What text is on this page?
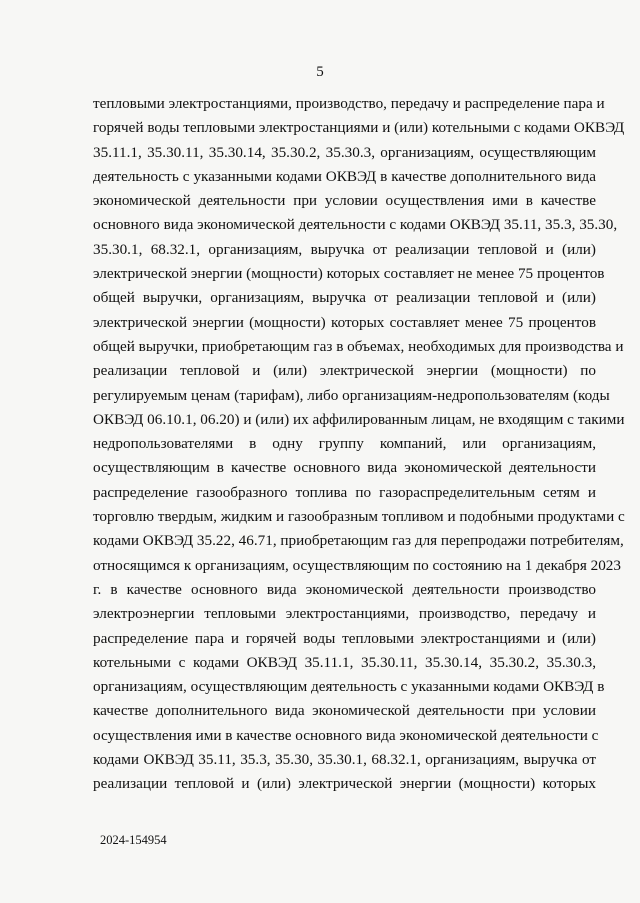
5
тепловыми электростанциями, производство, передачу и распределение пара и
горячей воды тепловыми электростанциями и (или) котельными с кодами ОКВЭД
35.11.1, 35.30.11, 35.30.14, 35.30.2, 35.30.3, организациям, осуществляющим
деятельность с указанными кодами ОКВЭД в качестве дополнительного вида
экономической деятельности при условии осуществления ими в качестве
основного вида экономической деятельности с кодами ОКВЭД 35.11, 35.3, 35.30,
35.30.1, 68.32.1, организациям, выручка от реализации тепловой и (или)
электрической энергии (мощности) которых составляет не менее 75 процентов
общей выручки, организациям, выручка от реализации тепловой и (или)
электрической энергии (мощности) которых составляет менее 75 процентов
общей выручки, приобретающим газ в объемах, необходимых для производства и
реализации тепловой и (или) электрической энергии (мощности) по
регулируемым ценам (тарифам), либо организациям-недропользователям (коды
ОКВЭД 06.10.1, 06.20) и (или) их аффилированным лицам, не входящим с такими
недропользователями в одну группу компаний, или организациям,
осуществляющим в качестве основного вида экономической деятельности
распределение газообразного топлива по газораспределительным сетям и
торговлю твердым, жидким и газообразным топливом и подобными продуктами с
кодами ОКВЭД 35.22, 46.71, приобретающим газ для перепродажи потребителям,
относящимся к организациям, осуществляющим по состоянию на 1 декабря 2023
г. в качестве основного вида экономической деятельности производство
электроэнергии тепловыми электростанциями, производство, передачу и
распределение пара и горячей воды тепловыми электростанциями и (или)
котельными с кодами ОКВЭД 35.11.1, 35.30.11, 35.30.14, 35.30.2, 35.30.3,
организациям, осуществляющим деятельность с указанными кодами ОКВЭД в
качестве дополнительного вида экономической деятельности при условии
осуществления ими в качестве основного вида экономической деятельности с
кодами ОКВЭД 35.11, 35.3, 35.30, 35.30.1, 68.32.1, организациям, выручка от
реализации тепловой и (или) электрической энергии (мощности) которых
2024-154954
